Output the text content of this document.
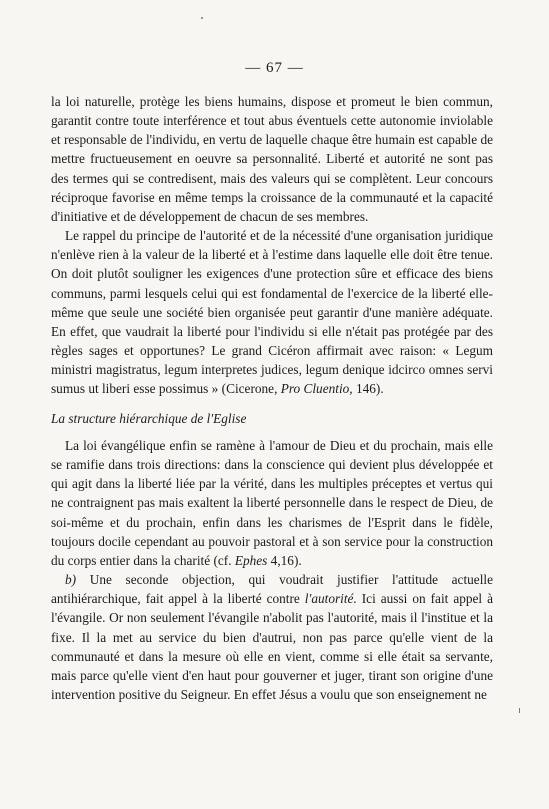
— 67 —

la loi naturelle, protège les biens humains, dispose et promeut le bien commun, garantit contre toute interférence et tout abus éventuels cette autonomie inviolable et responsable de l'individu, en vertu de laquelle chaque être humain est capable de mettre fructueusement en oeuvre sa personnalité. Liberté et autorité ne sont pas des termes qui se contredisent, mais des valeurs qui se complètent. Leur concours réciproque favorise en même temps la croissance de la communauté et la capacité d'initiative et de développement de chacun de ses membres.

Le rappel du principe de l'autorité et de la nécessité d'une organisation juridique n'enlève rien à la valeur de la liberté et à l'estime dans laquelle elle doit être tenue. On doit plutôt souligner les exigences d'une protection sûre et efficace des biens communs, parmi lesquels celui qui est fondamental de l'exercice de la liberté elle-même que seule une société bien organisée peut garantir d'une manière adéquate. En effet, que vaudrait la liberté pour l'individu si elle n'était pas protégée par des règles sages et opportunes? Le grand Cicéron affirmait avec raison: « Legum ministri magistratus, legum interpretes judices, legum denique idcirco omnes servi sumus ut liberi esse possimus » (Cicerone, Pro Cluentio, 146).

La structure hiérarchique de l'Eglise

La loi évangélique enfin se ramène à l'amour de Dieu et du prochain, mais elle se ramifie dans trois directions: dans la conscience qui devient plus développée et qui agit dans la liberté liée par la vérité, dans les multiples préceptes et vertus qui ne contraignent pas mais exaltent la liberté personnelle dans le respect de Dieu, de soi-même et du prochain, enfin dans les charismes de l'Esprit dans le fidèle, toujours docile cependant au pouvoir pastoral et à son service pour la construction du corps entier dans la charité (cf. Ephes 4,16).

b) Une seconde objection, qui voudrait justifier l'attitude actuelle antihiérarchique, fait appel à la liberté contre l'autorité. Ici aussi on fait appel à l'évangile. Or non seulement l'évangile n'abolit pas l'autorité, mais il l'institue et la fixe. Il la met au service du bien d'autrui, non pas parce qu'elle vient de la communauté et dans la mesure où elle en vient, comme si elle était sa servante, mais parce qu'elle vient d'en haut pour gouverner et juger, tirant son origine d'une intervention positive du Seigneur. En effet Jésus a voulu que son enseignement ne
